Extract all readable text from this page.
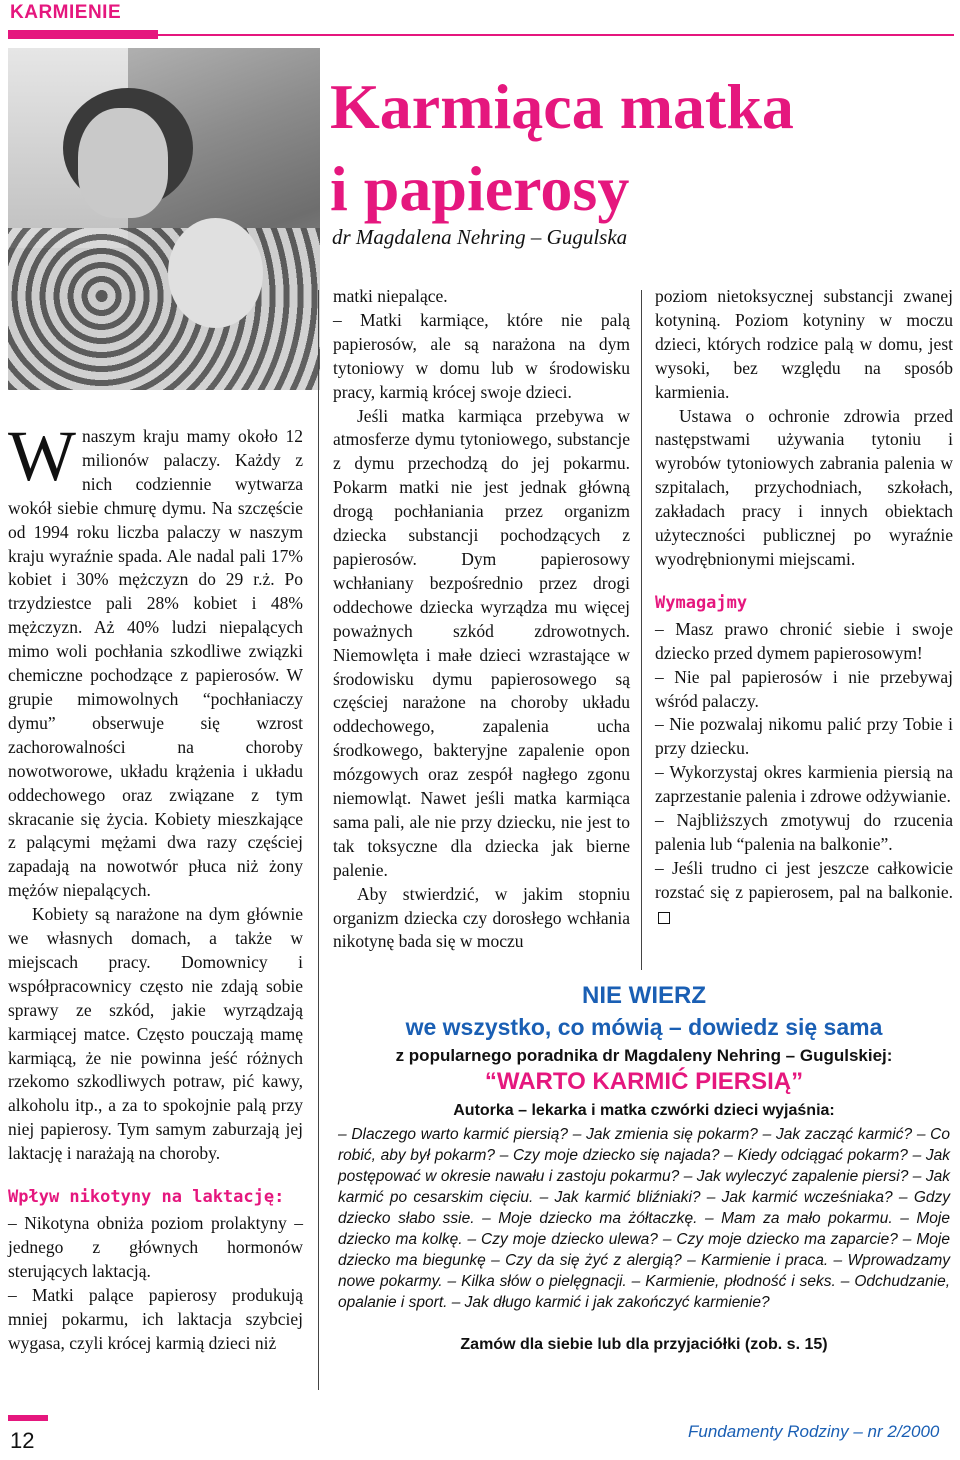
KARMIENIE
Karmiąca matka
i papierosy
dr Magdalena Nehring – Gugulska

Wnaszym kraju mamy około 12 milionów palaczy. Każdy z nich codziennie wytwarza wokół siebie chmurę dymu. Na szczęście od 1994 roku liczba palaczy w naszym kraju wyraźnie spada. Ale nadal pali 17% kobiet i 30% mężczyzn do 29 r.ż. Po trzydziestce pali 28% kobiet i 48% mężczyzn. Aż 40% ludzi niepalących mimo woli pochłania szkodliwe związki chemiczne pochodzące z papierosów. W grupie mimowolnych “pochłaniaczy dymu” obserwuje się wzrost zachorowalności na choroby nowotworowe, układu krążenia i układu oddechowego oraz związane z tym skracanie się życia. Kobiety mieszkające z palącymi mężami dwa razy częściej zapadają na nowotwór płuca niż żony mężów niepalących.

Kobiety są narażone na dym głównie we własnych domach, a także w miejscach pracy. Domownicy i współpracownicy często nie zdają sobie sprawy ze szkód, jakie wyrządzają karmiącej matce. Często pouczają mamę karmiącą, że nie powinna jeść różnych rzekomo szkodliwych potraw, pić kawy, alkoholu itp., a za to spokojnie palą przy niej papierosy. Tym samym zaburzają jej laktację i narażają na choroby.

Wpływ nikotyny na laktację:

– Nikotyna obniża poziom prolaktyny – jednego z głównych hormonów sterujących laktacją.

– Matki palące papierosy produkują mniej pokarmu, ich laktacja szybciej wygasa, czyli krócej karmią dzieci niż

matki niepalące.

– Matki karmiące, które nie palą papierosów, ale są narażona na dym tytoniowy w domu lub w środowisku pracy, karmią krócej swoje dzieci.

Jeśli matka karmiąca przebywa w atmosferze dymu tytoniowego, substancje z dymu przechodzą do jej pokarmu. Pokarm matki nie jest jednak główną drogą pochłaniania przez organizm dziecka substancji pochodzących z papierosów. Dym papierosowy wchłaniany bezpośrednio przez drogi oddechowe dziecka wyrządza mu więcej poważnych szkód zdrowotnych. Niemowlęta i małe dzieci wzrastające w środowisku dymu papierosowego są częściej narażone na choroby układu oddechowego, zapalenia ucha środkowego, bakteryjne zapalenie opon mózgowych oraz zespół nagłego zgonu niemowląt. Nawet jeśli matka karmiąca sama pali, ale nie przy dziecku, nie jest to tak toksyczne dla dziecka jak bierne palenie.

Aby stwierdzić, w jakim stopniu organizm dziecka czy dorosłego wchłania nikotynę bada się w moczu

poziom nietoksycznej substancji zwanej kotyniną. Poziom kotyniny w moczu dzieci, których rodzice palą w domu, jest wysoki, bez względu na sposób karmienia.

Ustawa o ochronie zdrowia przed następstwami używania tytoniu i wyrobów tytoniowych zabrania palenia w szpitalach, przychodniach, szkołach, zakładach pracy i innych obiektach użyteczności publicznej po wyraźnie wyodrębnionymi miejscami.

Wymagajmy

– Masz prawo chronić siebie i swoje dziecko przed dymem papierosowym!

– Nie pal papierosów i nie przebywaj wśród palaczy.

– Nie pozwalaj nikomu palić przy Tobie i przy dziecku.

– Wykorzystaj okres karmienia piersią na zaprzestanie palenia i zdrowe odżywianie.

– Najbliższych zmotywuj do rzucenia palenia lub “palenia na balkonie”.

– Jeśli trudno ci jest jeszcze całkowicie rozstać się z papierosem, pal na balkonie.

NIE WIERZ
we wszystko, co mówią – dowiedz się sama
z popularnego poradnika dr Magdaleny Nehring – Gugulskiej:
“WARTO KARMIĆ PIERSIĄ”
Autorka – lekarka i matka czwórki dzieci wyjaśnia:
– Dlaczego warto karmić piersią? – Jak zmienia się pokarm? – Jak zacząć karmić? – Co robić, aby był pokarm? – Czy moje dziecko się najada? – Kiedy odciągać pokarm? – Jak postępować w okresie nawału i zastoju pokarmu? – Jak wyleczyć zapalenie piersi? – Jak karmić po cesarskim cięciu. – Jak karmić bliźniaki? – Jak karmić wcześniaka? – Gdzy dziecko słabo ssie. – Moje dziecko ma żółtaczkę. – Mam za mało pokarmu. – Moje dziecko ma kolkę. – Czy moje dziecko ulewa? – Czy moje dziecko ma zaparcie? – Moje dziecko ma biegunkę – Czy da się żyć z alergią? – Karmienie i praca. – Wprowadzamy nowe pokarmy. – Kilka słów o pielęgnacji. – Karmienie, płodność i seks. – Odchudzanie, opalanie i sport. – Jak długo karmić i jak zakończyć karmienie?
Zamów dla siebie lub dla przyjaciółki (zob. s. 15)
12	Fundamenty Rodziny – nr 2/2000
